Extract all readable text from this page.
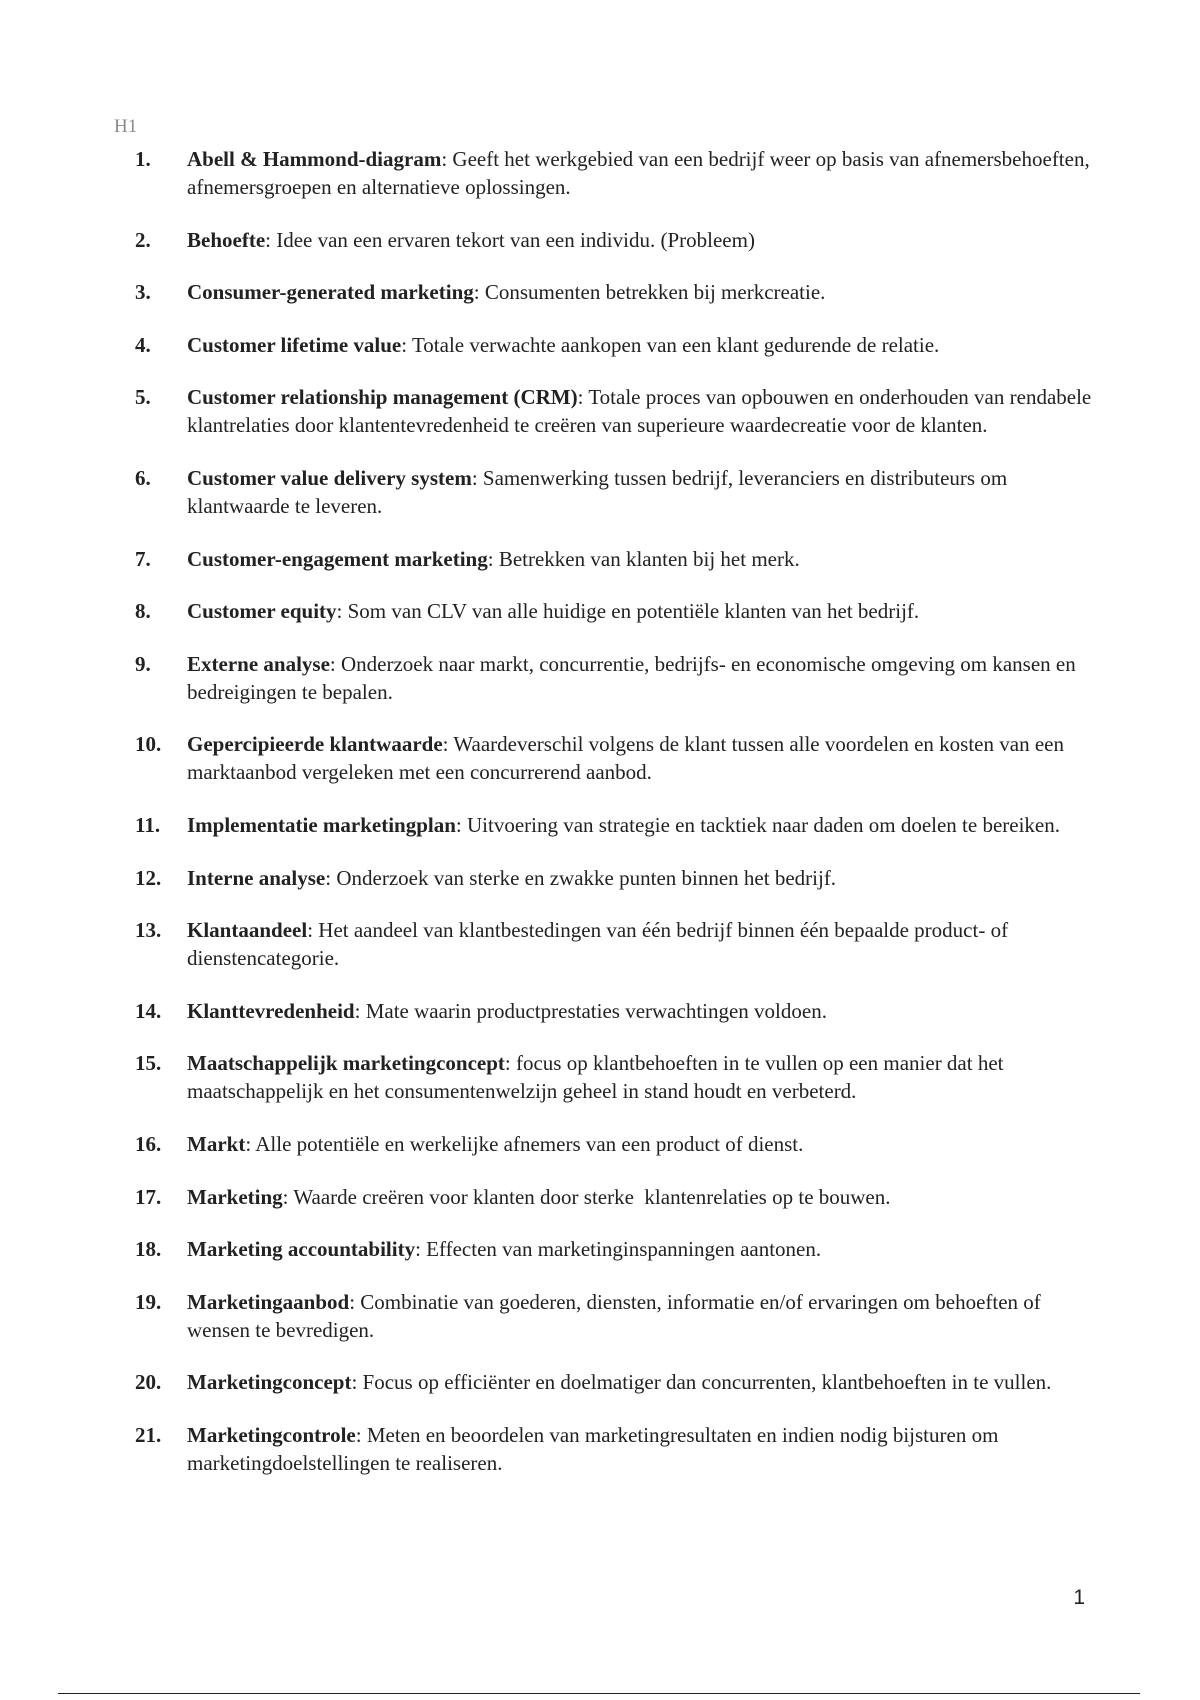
H1
1.	Abell & Hammond-diagram: Geeft het werkgebied van een bedrijf weer op basis van afnemersbehoeften, afnemersgroepen en alternatieve oplossingen.
2.	Behoefte: Idee van een ervaren tekort van een individu. (Probleem)
3.	Consumer-generated marketing: Consumenten betrekken bij merkcreatie.
4.	Customer lifetime value: Totale verwachte aankopen van een klant gedurende de relatie.
5.	Customer relationship management (CRM): Totale proces van opbouwen en onderhouden van rendabele klantrelaties door klantentevredenheid te creëren van superieure waardecreatie voor de klanten.
6.	Customer value delivery system: Samenwerking tussen bedrijf, leveranciers en distributeurs om klantwaarde te leveren.
7.	Customer-engagement marketing: Betrekken van klanten bij het merk.
8.	Customer equity: Som van CLV van alle huidige en potentiële klanten van het bedrijf.
9.	Externe analyse: Onderzoek naar markt, concurrentie, bedrijfs- en economische omgeving om kansen en bedreigingen te bepalen.
10.	Gepercipieerde klantwaarde: Waardeverschil volgens de klant tussen alle voordelen en kosten van een marktaanbod vergeleken met een concurrerend aanbod.
11.	Implementatie marketingplan: Uitvoering van strategie en tacktiek naar daden om doelen te bereiken.
12.	Interne analyse: Onderzoek van sterke en zwakke punten binnen het bedrijf.
13.	Klantaandeel: Het aandeel van klantbestedingen van één bedrijf binnen één bepaalde product- of dienstencategorie.
14.	Klanttevredenheid: Mate waarin productprestaties verwachtingen voldoen.
15.	Maatschappelijk marketingconcept: focus op klantbehoeften in te vullen op een manier dat het maatschappelijk en het consumentenwelzijn geheel in stand houdt en verbeterd.
16.	Markt: Alle potentiële en werkelijke afnemers van een product of dienst.
17.	Marketing: Waarde creëren voor klanten door sterke  klantenrelaties op te bouwen.
18.	Marketing accountability: Effecten van marketinginspanningen aantonen.
19.	Marketingaanbod: Combinatie van goederen, diensten, informatie en/of ervaringen om behoeften of wensen te bevredigen.
20.	Marketingconcept: Focus op efficiënter en doelmatiger dan concurrenten, klantbehoeften in te vullen.
21.	Marketingcontrole: Meten en beoordelen van marketingresultaten en indien nodig bijsturen om marketingdoelstellingen te realiseren.
1
